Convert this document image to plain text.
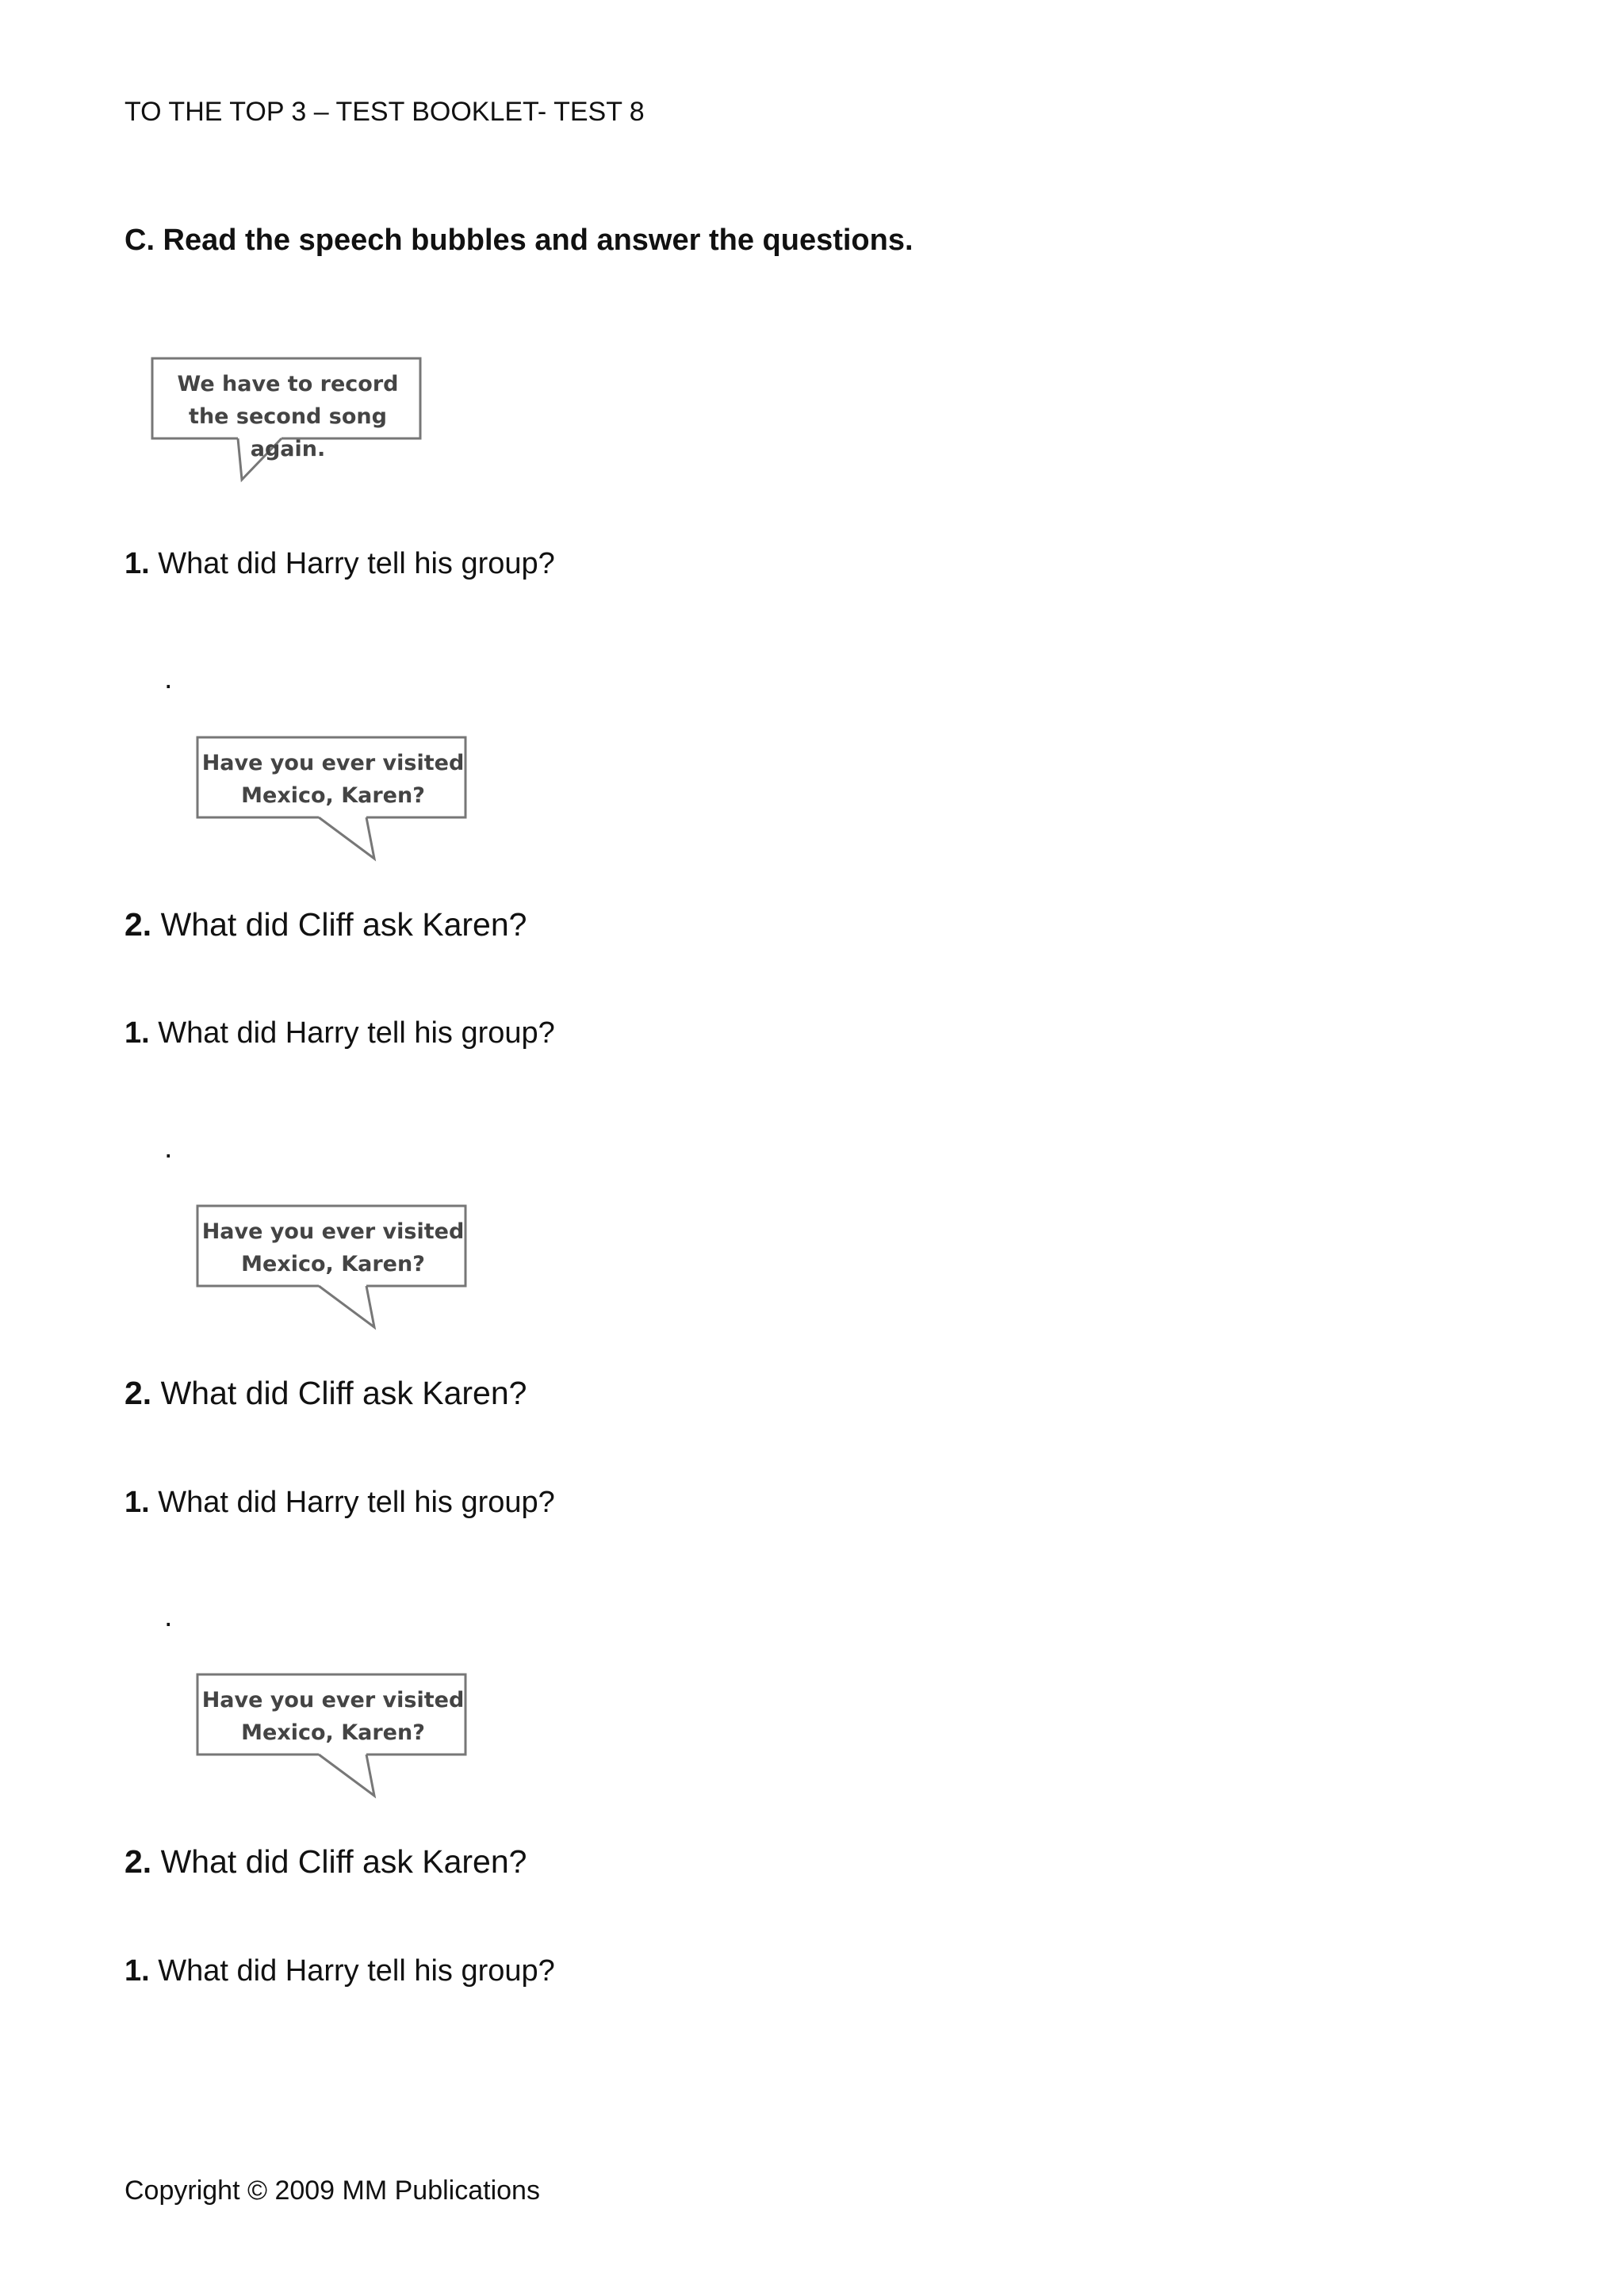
TO THE TOP 3 – TEST BOOKLET- TEST 8
C. Read the speech bubbles and answer the questions.
We have to record the second song again.
1. What did Harry tell his group?
.
Have you ever visited Mexico, Karen?
2. What did Cliff ask Karen?
1. What did Harry tell his group?
.
Have you ever visited Mexico, Karen?
2. What did Cliff ask Karen?
1. What did Harry tell his group?
.
Have you ever visited Mexico, Karen?
2. What did Cliff ask Karen?
1. What did Harry tell his group?
Copyright © 2009 MM Publications
